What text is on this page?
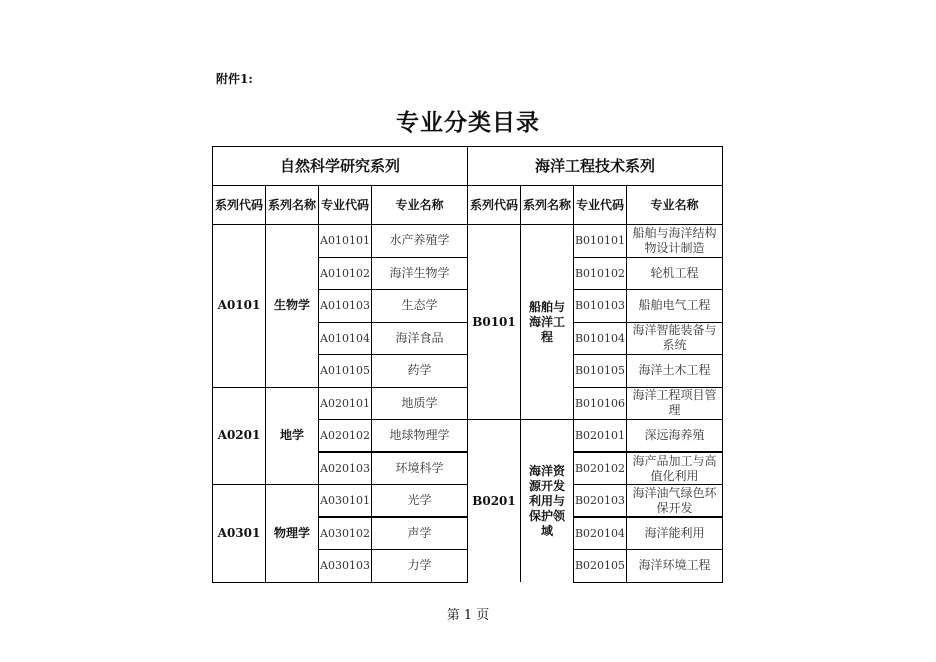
附件1:
专业分类目录
自然科学研究系列				海洋工程技术系列			
系列代码	系列名称	专业代码	专业名称	系列代码	系列名称	专业代码	专业名称
A0101	生物学	A010101	水产养殖学	B0101	船舶与海洋工程	B010101	船舶与海洋结构物设计制造
		A010102	海洋生物学			B010102	轮机工程
		A010103	生态学			B010103	船舶电气工程
		A010104	海洋食品			B010104	海洋智能装备与系统
		A010105	药学			B010105	海洋土木工程
A0201	地学	A020101	地质学			B010106	海洋工程项目管理
		A020102	地球物理学	B0201	海洋资源开发利用与保护领域	B020101	深远海养殖
		A020103	环境科学			B020102	海产品加工与高值化利用
A0301	物理学	A030101	光学			B020103	海洋油气绿色环保开发
		A030102	声学			B020104	海洋能利用
		A030103	力学			B020105	海洋环境工程
第 1 页
